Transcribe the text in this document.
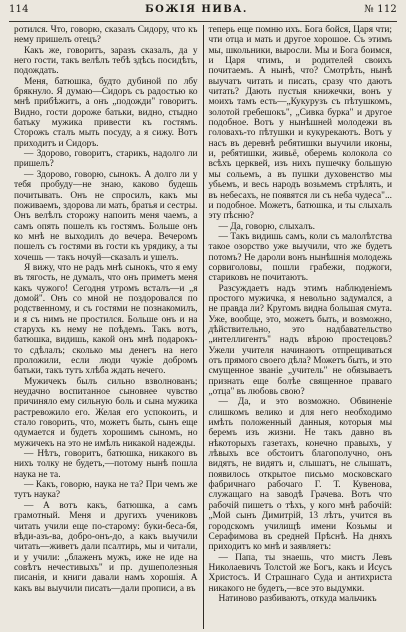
114	БОЖІЯ НИВА.	№ 112

ротился. Что, говорю, сказалъ Сидору, что къ нему пришелъ отецъ?

Какъ же, говоритъ, заразъ сказалъ, да у него гости, такъ велѣлъ тебѣ здѣсь посидѣть, подождать.

Меня, батюшка, будто дубиной по лбу брякнуло. Я думаю—Сидоръ съ радостью ко мнѣ прибѣжитъ, а онъ „подожди" говоритъ. Видно, гости дороже батьки, видно, стыдно батьку мужика привести къ гостямъ. Сторожъ сталъ мыть посуду, а я сижу. Вотъ приходитъ и Сидоръ.

— Здорово, говоритъ, старикъ, надолго ли пришелъ?

— Здорово, говорю, сынокъ. А долго ли у тебя пробуду—не знаю, каково будешь почитывать. Онъ не спросилъ, какъ мы поживаемъ, здорова ли мать, братья и сестры. Онъ велѣлъ сторожу напоить меня чаемъ, а самъ опять пошелъ къ гостямъ. Больше онъ ко мнѣ не выходилъ до вечера. Вечеромъ пошелъ съ гостями въ гости къ урядику, а ты хочешь — такъ ночуй—сказалъ и ушелъ.

Я вижу, что не радъ мнѣ сынокъ, что я ему въ тягость, не думалъ, что онъ приметъ меня какъ чужого! Сегодня утромъ всталъ—и „я домой". Онъ со мной не поздоровался по родственному, и съ гостями не познакомилъ, и я съ нимъ не простился. Больше онъ и на старухъ къ нему не поѣдемъ. Такъ вотъ, батюшка, видишь, какой онъ мнѣ подарокъ-то сдѣлалъ; сколько мы денегъ на него проложили, если люди чужіе добромъ батьки, такъ тутъ хлѣба ждать нечего.

Мужичекъ былъ сильно взволнованъ; неудачно воспитанное сыновнее чувство причиняло ему сильную боль и сына мужика растревожило его. Желая его успокоить, и стало говорить, что, можетъ быть, сынъ еще одумается и будетъ хорошимъ сыномъ, но мужичекъ на это не имѣлъ никакой надежды.

— Нѣтъ, говоритъ, батюшка, никакого въ нихъ толку не будетъ,—потому нынѣ пошла наука не та.

— Какъ, говорю, наука не та? При чемъ же тутъ наука?

— А вотъ какъ, батюшка, а самъ грамотный. Меня и другихъ учениковъ читать учили еще по-старому: буки-беса-бя, вѣди-азъ-ва, добро-онъ-до, а какъ выучили читать—живетъ дали псалтирь, мы и читали, и у учили: „блаженъ мужъ, иже не иде на совѣтъ нечестивыхъ" и пр. душеполезныя писанія, и книги давали намъ хорошія. А какъ вы выучили писать—дали прописи, а въ

теперь еще помню ихъ. Бога бойся, Царя чти; чти отца и мать и другое хорошое. Съ этимъ мы, школьники, выросли. Мы и Бога боимся, и Царя чтимъ, и родителей своихъ почитаемъ. А нынѣ, что? Смотрѣть, нынѣ выучатъ читать и писать, сразу что даютъ читать? Дають пустыя книжечки, вонъ у моихъ тамъ есть—„Кукурузъ съ пѣтушкомъ, золотой гребешокъ", „Сивка бурка" и другое подобное. Вотъ у нынѣшней молодежи въ головахъ-то пѣтушки и кукурекаютъ. Вотъ у насъ въ деревнѣ ребятишки выучили иконы, и, ребятишки, живьё, оберемь колокола со всѣхъ церквей, изъ нихъ пушечку большую мы сольемъ, а въ пушки духовенство мы убьемъ, и весь народъ возьмемъ стрѣлять, и въ небесахъ, не появятся ли съ неба чудеса"... и подобное. Можетъ, батюшка, и ты слыхалъ эту пѣсню?

— Да, говорю, слыхалъ.

— Такъ видишь самъ, коли съ малолѣтства такое озорство уже выучили, что же будетъ потомъ? Не дароли вонъ нынѣшнія молодежь сорвиголовы, пошли грабежи, поджоги, стариковъ не почитаютъ.

Разсуждаетъ надъ этимъ наблюденіемъ простого мужичка, я невольно задумался, а не правда ли? Кругомъ видна большая смута. Уже, вообще, это, можетъ быть, и возможно, дѣйствительно, это надбавательство „интеллигентъ" надъ вѣрою простецовъ? Ужели учителя начинаютъ отпрещиваться отъ прямого своего дѣла? Можетъ быть, и это смущенное званіе „учитель" не обязываетъ признать еще болѣе священное праваго „отца" въ любовь свою?

— Да, и это возможно. Обвиненіе слишкомъ велико и для него необходимо имѣть положенный данныя, которыя мы беремъ изъ жизни. Не такъ давно въ нѣкоторыхъ газетахъ, конечно правыхъ, у лѣвыхъ все обстоитъ благополучно, онъ видятъ, не видятъ и, слышатъ, не слышатъ, появилось открытое письмо московскаго фабричнаго рабочаго Г. Т. Кувенова, служащаго на заводѣ Грачева. Вотъ что рабочій пишетъ о тѣхъ, у кого мнѣ рабочій: „Мой сынъ Димитрій, 13 лѣтъ, учится въ городскомъ училищѣ имени Козьмы и Серафимова въ средней Прѣснѣ. На дняхъ приходитъ ко мнѣ и заявляетъ:

— Папа, ты знаешь, что мистъ Левъ Николаевичъ Толстой же Богъ, какъ и Исусъ Христосъ. И Страшнаго Суда и антихриста никакого не будетъ,—все это выдумки.

Натиново разбиваютъ, откуда мальчикъ
